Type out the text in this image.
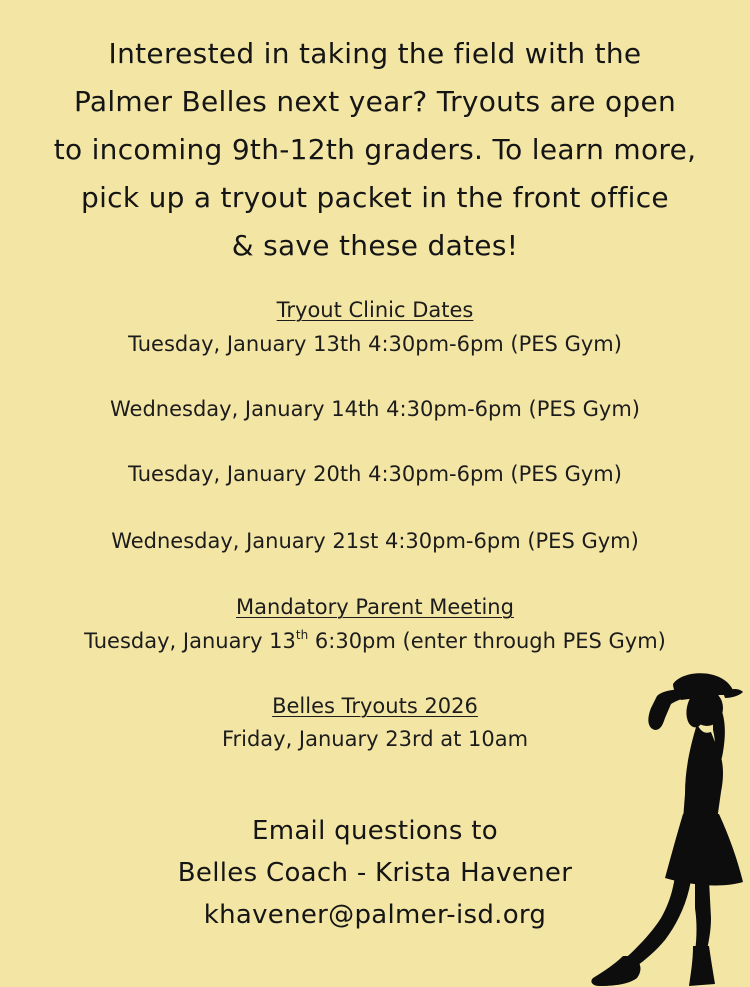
Interested in taking the field with the
Palmer Belles next year? Tryouts are open
to incoming 9th-12th graders. To learn more,
pick up a tryout packet in the front office
& save these dates!
Tryout Clinic Dates
Tuesday, January 13th 4:30pm-6pm (PES Gym)
Wednesday, January 14th 4:30pm-6pm (PES Gym)
Tuesday, January 20th 4:30pm-6pm (PES Gym)
Wednesday, January 21st 4:30pm-6pm (PES Gym)
Mandatory Parent Meeting
Tuesday, January 13th 6:30pm (enter through PES Gym)
Belles Tryouts 2026
Friday, January 23rd at 10am
Email questions to
Belles Coach - Krista Havener
khavener@palmer-isd.org
